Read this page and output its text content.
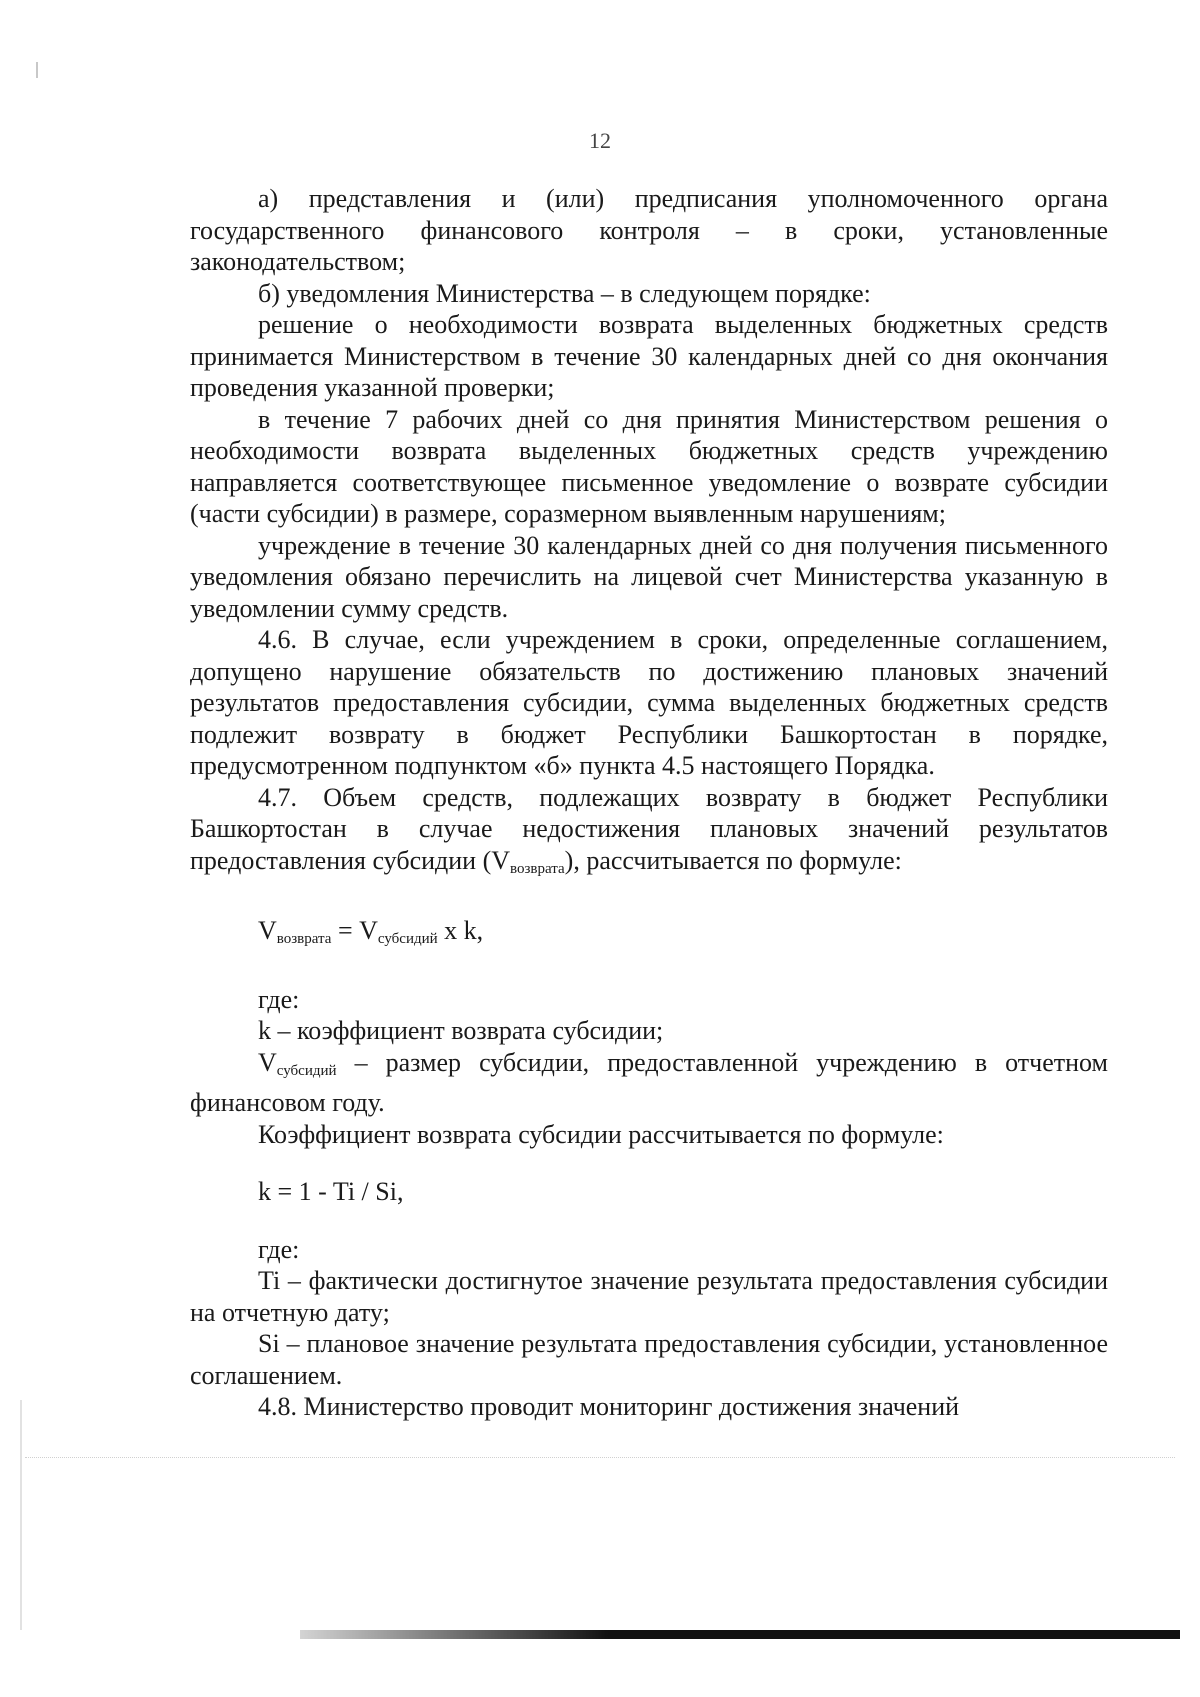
12

а) представления и (или) предписания уполномоченного органа государственного финансового контроля – в сроки, установленные законодательством;

б) уведомления Министерства – в следующем порядке:

решение о необходимости возврата выделенных бюджетных средств принимается Министерством в течение 30 календарных дней со дня окончания проведения указанной проверки;

в течение 7 рабочих дней со дня принятия Министерством решения о необходимости возврата выделенных бюджетных средств учреждению направляется соответствующее письменное уведомление о возврате субсидии (части субсидии) в размере, соразмерном выявленным нарушениям;

учреждение в течение 30 календарных дней со дня получения письменного уведомления обязано перечислить на лицевой счет Министерства указанную в уведомлении сумму средств.

4.6. В случае, если учреждением в сроки, определенные соглашением, допущено нарушение обязательств по достижению плановых значений результатов предоставления субсидии, сумма выделенных бюджетных средств подлежит возврату в бюджет Республики Башкортостан в порядке, предусмотренном подпунктом «б» пункта 4.5 настоящего Порядка.

4.7. Объем средств, подлежащих возврату в бюджет Республики Башкортостан в случае недостижения плановых значений результатов предоставления субсидии $(V_{возврата})$, рассчитывается по формуле:

$V_{возврата} = V_{субсидий}$ x k,

где:

k – коэффициент возврата субсидии;

$V_{субсидий}$ – размер субсидии, предоставленной учреждению в отчетном финансовом году.

Коэффициент возврата субсидии рассчитывается по формуле:

k = 1 - Ti / Si,

где:

Ti – фактически достигнутое значение результата предоставления субсидии на отчетную дату;

Si – плановое значение результата предоставления субсидии, установленное соглашением.

4.8. Министерство проводит мониторинг достижения значений
